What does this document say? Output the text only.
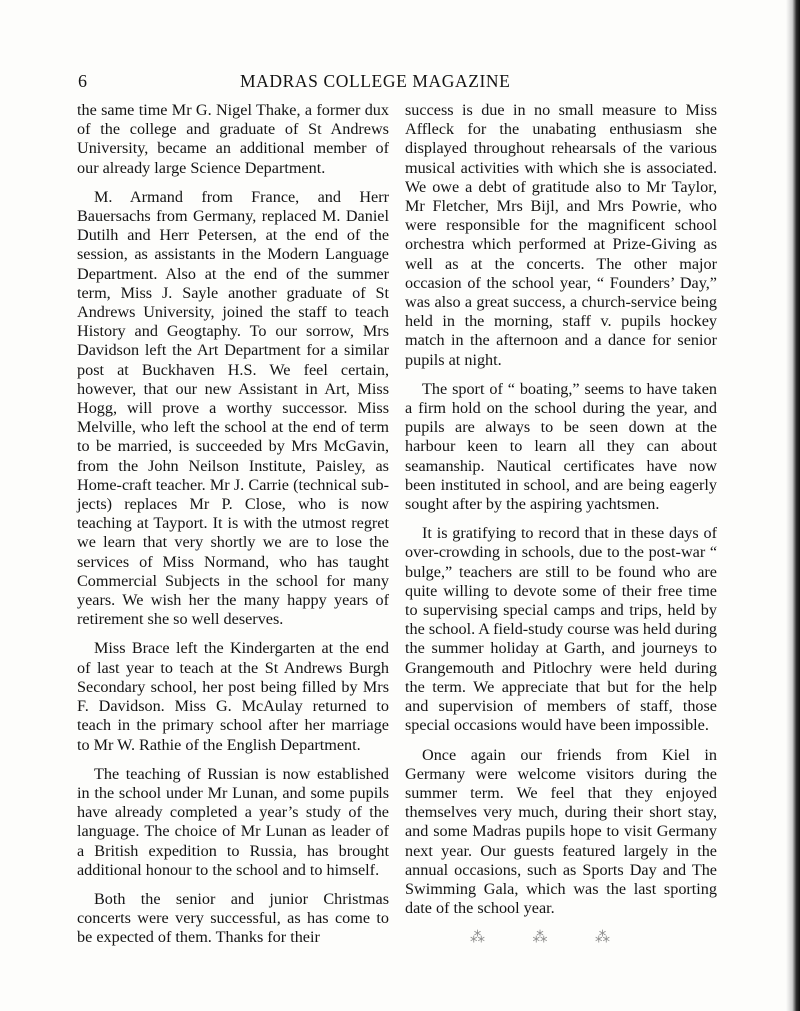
6	MADRAS COLLEGE MAGAZINE

the same time Mr G. Nigel Thake, a former dux of the college and graduate of St Andrews University, became an additional member of our already large Science Department.

M. Armand from France, and Herr Bauersachs from Germany, replaced M. Daniel Dutilh and Herr Petersen, at the end of the session, as assistants in the Modern Language Department. Also at the end of the summer term, Miss J. Sayle another graduate of St Andrews University, joined the staff to teach History and Geogtaphy. To our sorrow, Mrs Davidson left the Art Department for a similar post at Buckhaven H.S. We feel certain, however, that our new Assistant in Art, Miss Hogg, will prove a worthy successor. Miss Melville, who left the school at the end of term to be married, is succeeded by Mrs McGavin, from the John Neilson Institute, Paisley, as Home-craft teacher. Mr J. Carrie (technical subjects) replaces Mr P. Close, who is now teaching at Tayport. It is with the utmost regret we learn that very shortly we are to lose the services of Miss Normand, who has taught Commercial Subjects in the school for many years. We wish her the many happy years of retirement she so well deserves.

Miss Brace left the Kindergarten at the end of last year to teach at the St Andrews Burgh Secondary school, her post being filled by Mrs F. Davidson. Miss G. McAulay returned to teach in the primary school after her marriage to Mr W. Rathie of the English Department.

The teaching of Russian is now established in the school under Mr Lunan, and some pupils have already completed a year’s study of the language. The choice of Mr Lunan as leader of a British expedition to Russia, has brought additional honour to the school and to himself.

Both the senior and junior Christmas concerts were very successful, as has come to be expected of them. Thanks for their

success is due in no small measure to Miss Affleck for the unabating enthusiasm she displayed throughout rehearsals of the various musical activities with which she is associated. We owe a debt of gratitude also to Mr Taylor, Mr Fletcher, Mrs Bijl, and Mrs Powrie, who were responsible for the magnificent school orchestra which performed at Prize-Giving as well as at the concerts. The other major occasion of the school year, “ Founders’ Day,” was also a great success, a church-service being held in the morning, staff v. pupils hockey match in the afternoon and a dance for senior pupils at night.

The sport of “ boating,” seems to have taken a firm hold on the school during the year, and pupils are always to be seen down at the harbour keen to learn all they can about seamanship. Nautical certificates have now been instituted in school, and are being eagerly sought after by the aspiring yachtsmen.

It is gratifying to record that in these days of over-crowding in schools, due to the post-war “ bulge,” teachers are still to be found who are quite willing to devote some of their free time to supervising special camps and trips, held by the school. A field-study course was held during the summer holiday at Garth, and journeys to Grangemouth and Pitlochry were held during the term. We appreciate that but for the help and supervision of members of staff, those special occasions would have been impossible.

Once again our friends from Kiel in Germany were welcome visitors during the summer term. We feel that they enjoyed themselves very much, during their short stay, and some Madras pupils hope to visit Germany next year. Our guests featured largely in the annual occasions, such as Sports Day and The Swimming Gala, which was the last sporting date of the school year.

⁂	⁂	⁂
